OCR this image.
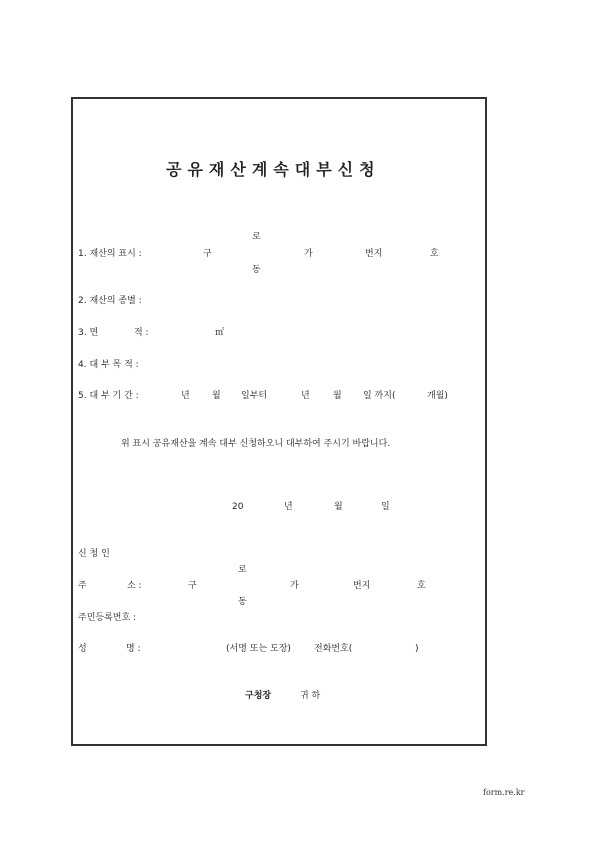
공유재산계속대부신청
로
1. 재산의 표시 :	구	가	번지	호
동
2. 재산의 종별 :
3. 면	적 :	㎡
4. 대 부 목 적 :
5. 대 부 기 간 :	년 월 일부터	년	월 일 까지(	개월)
위 표시 공유재산을 계속 대부 신청하오니 대부하여 주시기 바랍니다.
20	년	월	일
신 청 인
로
주	소 :	구	가	번지	호
동
주민등록번호 :
성	명 :	(서명 또는 도장)	전화번호(	)
구청장	귀 하
form.re.kr
